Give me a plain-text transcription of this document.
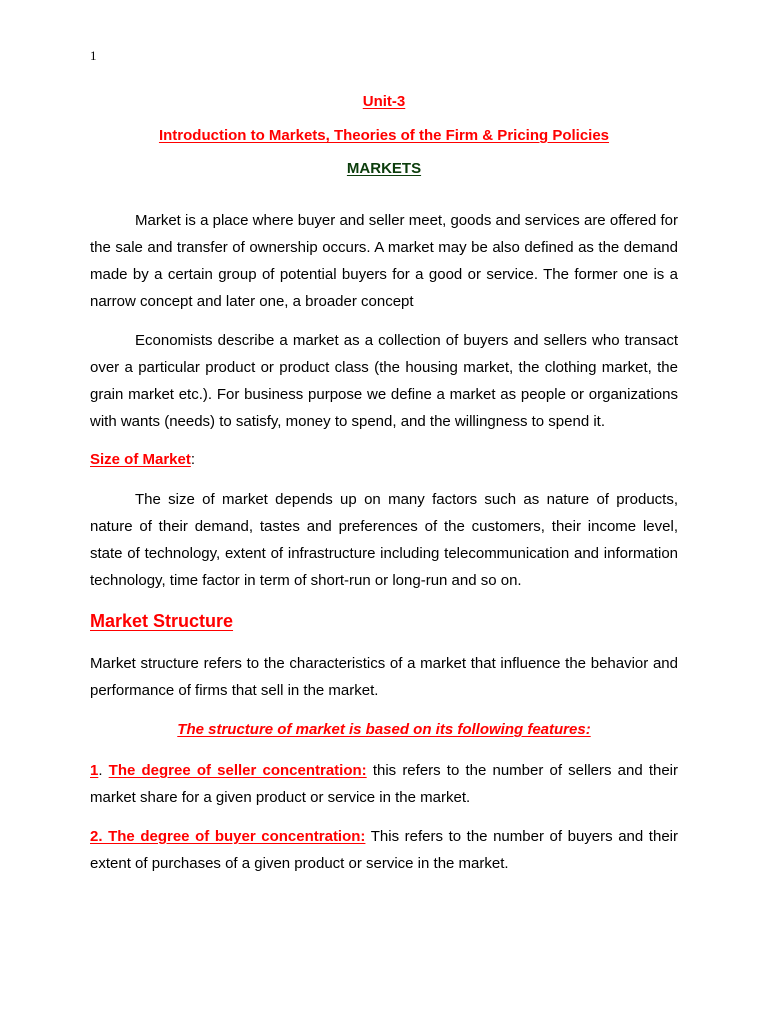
1
Unit-3
Introduction to Markets, Theories of the Firm & Pricing Policies
MARKETS
Market is a place where buyer and seller meet, goods and services are offered for the sale and transfer of ownership occurs. A market may be also defined as the demand made by a certain group of potential buyers for a good or service. The former one is a narrow concept and later one, a broader concept
Economists describe a market as a collection of buyers and sellers who transact over a particular product or product class (the housing market, the clothing market, the grain market etc.). For business purpose we define a market as people or organizations with wants (needs) to satisfy, money to spend, and the willingness to spend it.
Size of Market:
The size of market depends up on many factors such as nature of products, nature of their demand, tastes and preferences of the customers, their income level, state of technology, extent of infrastructure including telecommunication and information technology, time factor in term of short-run or long-run and so on.
Market Structure
Market structure refers to the characteristics of a market that influence the behavior and performance of firms that sell in the market.
The structure of market is based on its following features:
1. The degree of seller concentration: this refers to the number of sellers and their market share for a given product or service in the market.
2. The degree of buyer concentration: This refers to the number of buyers and their extent of purchases of a given product or service in the market.
